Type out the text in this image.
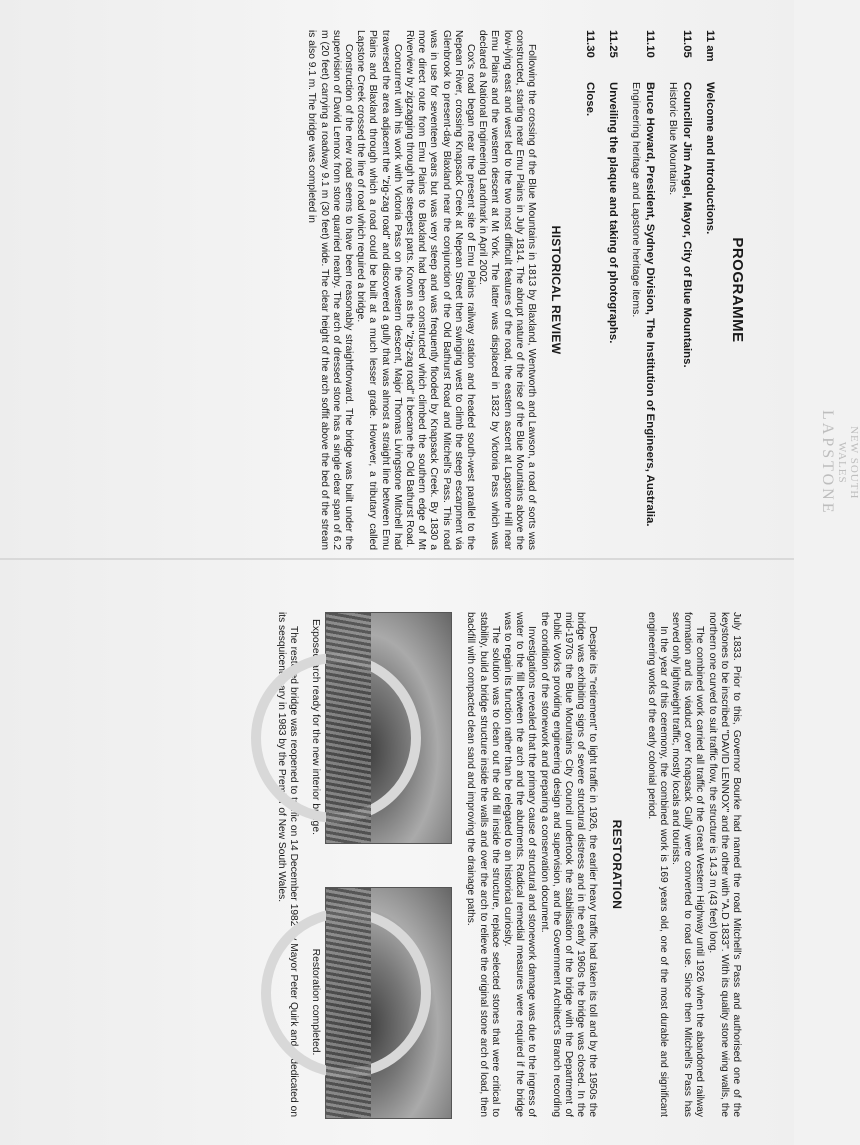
NEW SOUTH WALES
LAPSTONE
PROGRAMME
11 am
Welcome and Introductions.
11.05
Councillor Jim Angel, Mayor, City of Blue Mountains.
Historic Blue Mountains.
11.10
Bruce Howard, President, Sydney Division, The Institution of Engineers, Australia.
Engineering heritage and Lapstone heritage items.
11.25
Unveiling the plaque and taking of photographs.
11.30
Close.
HISTORICAL REVIEW

Following the crossing of the Blue Mountains in 1813 by Blaxland, Wentworth and Lawson, a road of sorts was constructed, starting near Emu Plains in July 1814. The abrupt nature of the rise of the Blue Mountains above the low-lying east and west led to the two most difficult features of the road, the eastern ascent at Lapstone Hill near Emu Plains and the western descent at Mt York. The latter was displaced in 1832 by Victoria Pass which was declared a National Engineering Landmark in April 2002.

Cox's road began near the present site of Emu Plains railway station and headed south-west parallel to the Nepean River, crossing Knapsack Creek at Nepean Street then swinging west to climb the steep escarpment via Glenbrook to present-day Blaxland near the conjunction of the Old Bathurst Road and Mitchell's Pass. This road was in use for seventeen years but was very steep and was frequently flooded by Knapsack Creek. By 1830 a more direct route from Emu Plains to Blaxland had been constructed which climbed the southern edge of Mt Riverview by zigzagging through the steepest parts. Known as the "zig-zag road" it became the Old Bathurst Road.

Concurrent with his work with Victoria Pass on the western descent, Major Thomas Livingstone Mitchell had traversed the area adjacent the "zig-zag road" and discovered a gully that was almost a straight line between Emu Plains and Blaxland through which a road could be built at a much lesser grade. However, a tributary called Lapstone Creek crossed the line of road which required a bridge.

Construction of the new road seems to have been reasonably straightforward. The bridge was built under the supervision of David Lennox from stone quarried nearby. The arch of dressed stone has a single clear span of 6.2 m (20 feet) carrying a roadway 9.1 m (30 feet) wide. The clear height of the arch soffit above the bed of the stream is also 9.1 m. The bridge was completed in

July 1833. Prior to this, Governor Bourke had named the road Mitchell's Pass and authorised one of the keystones to be inscribed "DAVID LENNOX" and the other with "A.D 1833". With its quality stone wing walls, the northern one curved to suit traffic flow, the structure is 14.3 m (43 feet) long.

The combined work carried all traffic of the Great Western Highway until 1926 when the abandoned railway formation and its viaduct over Knapsack Gully were converted to road use. Since then Mitchell's Pass has served only lightweight traffic, mostly locals and tourists.

In the year of this ceremony, the combined work is 169 years old, one of the most durable and significant engineering works of the early colonial period.

RESTORATION

Despite its "retirement" to light traffic in 1926, the earlier heavy traffic had taken its toll and by the 1950s the bridge was exhibiting signs of severe structural distress and in the early 1960s the bridge was closed. In the mid-1970s the Blue Mountains City Council undertook the stabilisation of the bridge with the Department of Public Works providing engineering design and supervision, and the Government Architect's Branch recording the condition of the stonework and preparing a conservation document.

Investigations revealed that the primary cause of structural and stonework damage was due to the ingress of water to the fill between the arch and the abutments. Radical remedial measures were required if the bridge was to regain its function rather than be relegated to an historical curiosity.

The solution was to clean out the old fill inside the structure, replace selected stones that were critical to stability, build a bridge structure inside the walls and over the arch to relieve the original stone arch of load, then backfill with compacted clean sand and improving the drainage paths.

Exposed arch ready for the new interior bridge.
Restoration completed.

The restored bridge was reopened to traffic on 14 December 1982 by Mayor Peter Quirk and rededicated on its sesquicentenary in 1983 by the Premier of New South Wales.
